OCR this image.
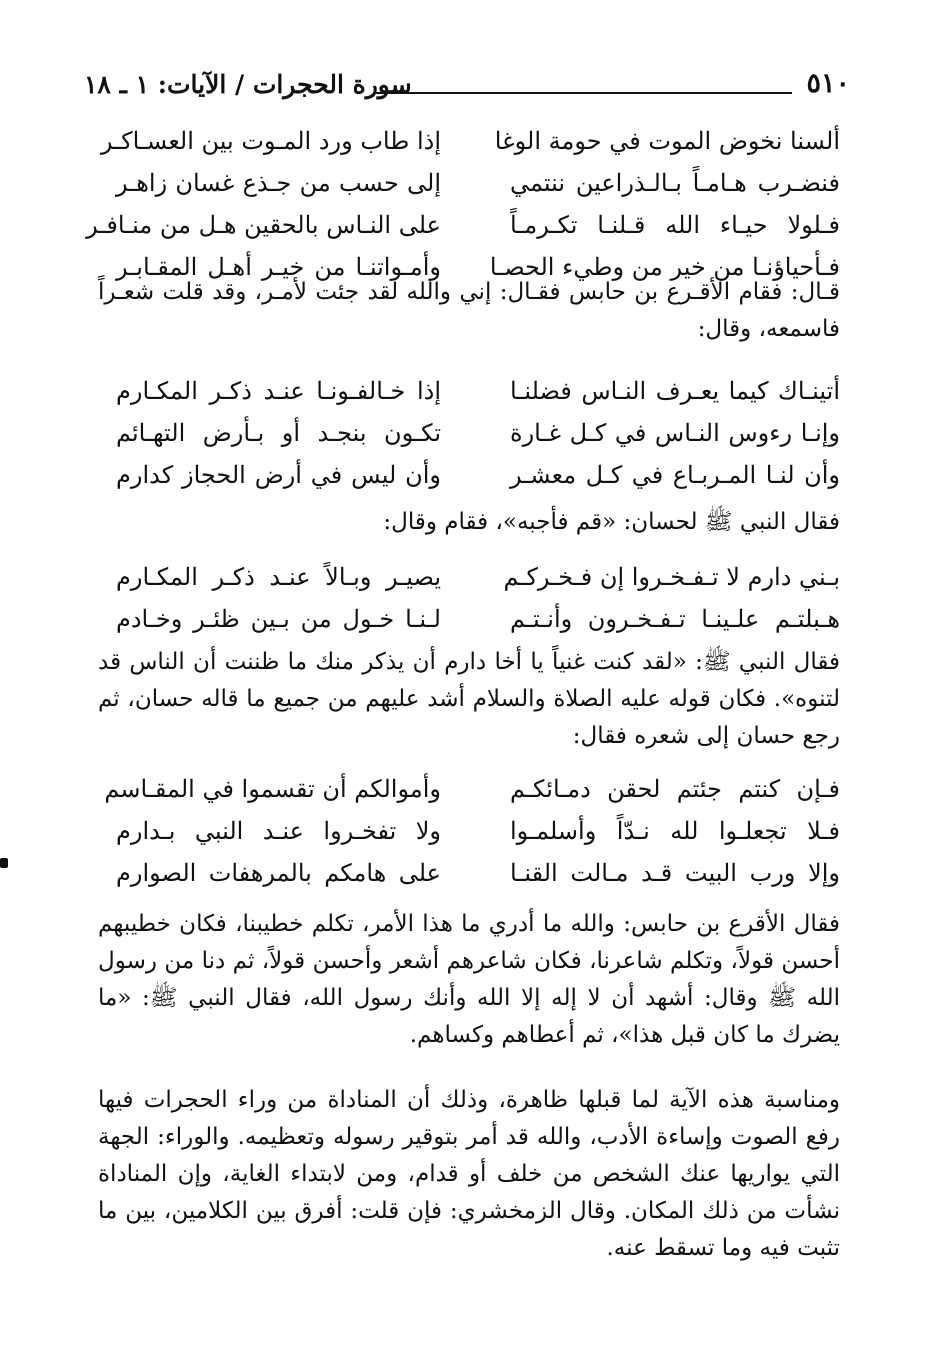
٥١٠
سورة الحجرات / الآيات: ١ ـ ١٨
ألسنا نخوض الموت في حومة الوغا
إذا طاب ورد المـوت بين العسـاكـر
فنضـرب هـامـاً بـالـذراعين ننتمي
إلى حسب من جـذع غسان زاهـر
فـلولا حيـاء الله قـلنـا تكـرمـاً
على النـاس بالحقين هـل من منـافـر
فـأحياؤنـا من خير من وطيء الحصـا
وأمـواتنـا من خيـر أهـل المقـابـر

قـال: فقام الأقـرع بن حابس فقـال: إني والله لقد جئت لأمـر، وقد قلت شعـراً فاسمعه، وقال:

أتينـاك كيما يعـرف النـاس فضلنـا
إذا خـالفـونـا عنـد ذكـر المكـارم
وإنـا رءوس النـاس في كـل غـارة
تكـون بنجـد أو بـأرض التهـائم
وأن لنـا المـربـاع في كـل معشـر
وأن ليس في أرض الحجاز كدارم

فقال النبي ﷺ لحسان: «قم فأجبه»، فقام وقال:

بـني دارم لا تـفـخـروا إن فـخـركـم
يصيـر وبـالاً عنـد ذكـر المكـارم
هـبلتـم علـينـا تـفـخـرون وأنـتـم
لـنـا خـول من بـين ظئـر وخـادم

فقال النبي ﷺ: «لقد كنت غنياً يا أخا دارم أن يذكر منك ما ظننت أن الناس قد لتنوه». فكان قوله عليه الصلاة والسلام أشد عليهم من جميع ما قاله حسان، ثم رجع حسان إلى شعره فقال:

فـإن كنتم جئتم لحقن دمـائكـم
وأموالكم أن تقسموا في المقـاسم
فـلا تجعلـوا لله نـدّاً وأسلمـوا
ولا تفخـروا عنـد النبي بـدارم
وإلا ورب البيت قـد مـالت القنـا
على هامكم بالمرهفات الصوارم

فقال الأقرع بن حابس: والله ما أدري ما هذا الأمر، تكلم خطيبنا، فكان خطيبهم أحسن قولاً، وتكلم شاعرنا، فكان شاعرهم أشعر وأحسن قولاً، ثم دنا من رسول الله ﷺ وقال: أشهد أن لا إله إلا الله وأنك رسول الله، فقال النبي ﷺ: «ما يضرك ما كان قبل هذا»، ثم أعطاهم وكساهم.

ومناسبة هذه الآية لما قبلها ظاهرة، وذلك أن المناداة من وراء الحجرات فيها رفع الصوت وإساءة الأدب، والله قد أمر بتوقير رسوله وتعظيمه. والوراء: الجهة التي يواريها عنك الشخص من خلف أو قدام، ومن لابتداء الغاية، وإن المناداة نشأت من ذلك المكان. وقال الزمخشري: فإن قلت: أفرق بين الكلامين، بين ما تثبت فيه وما تسقط عنه.
